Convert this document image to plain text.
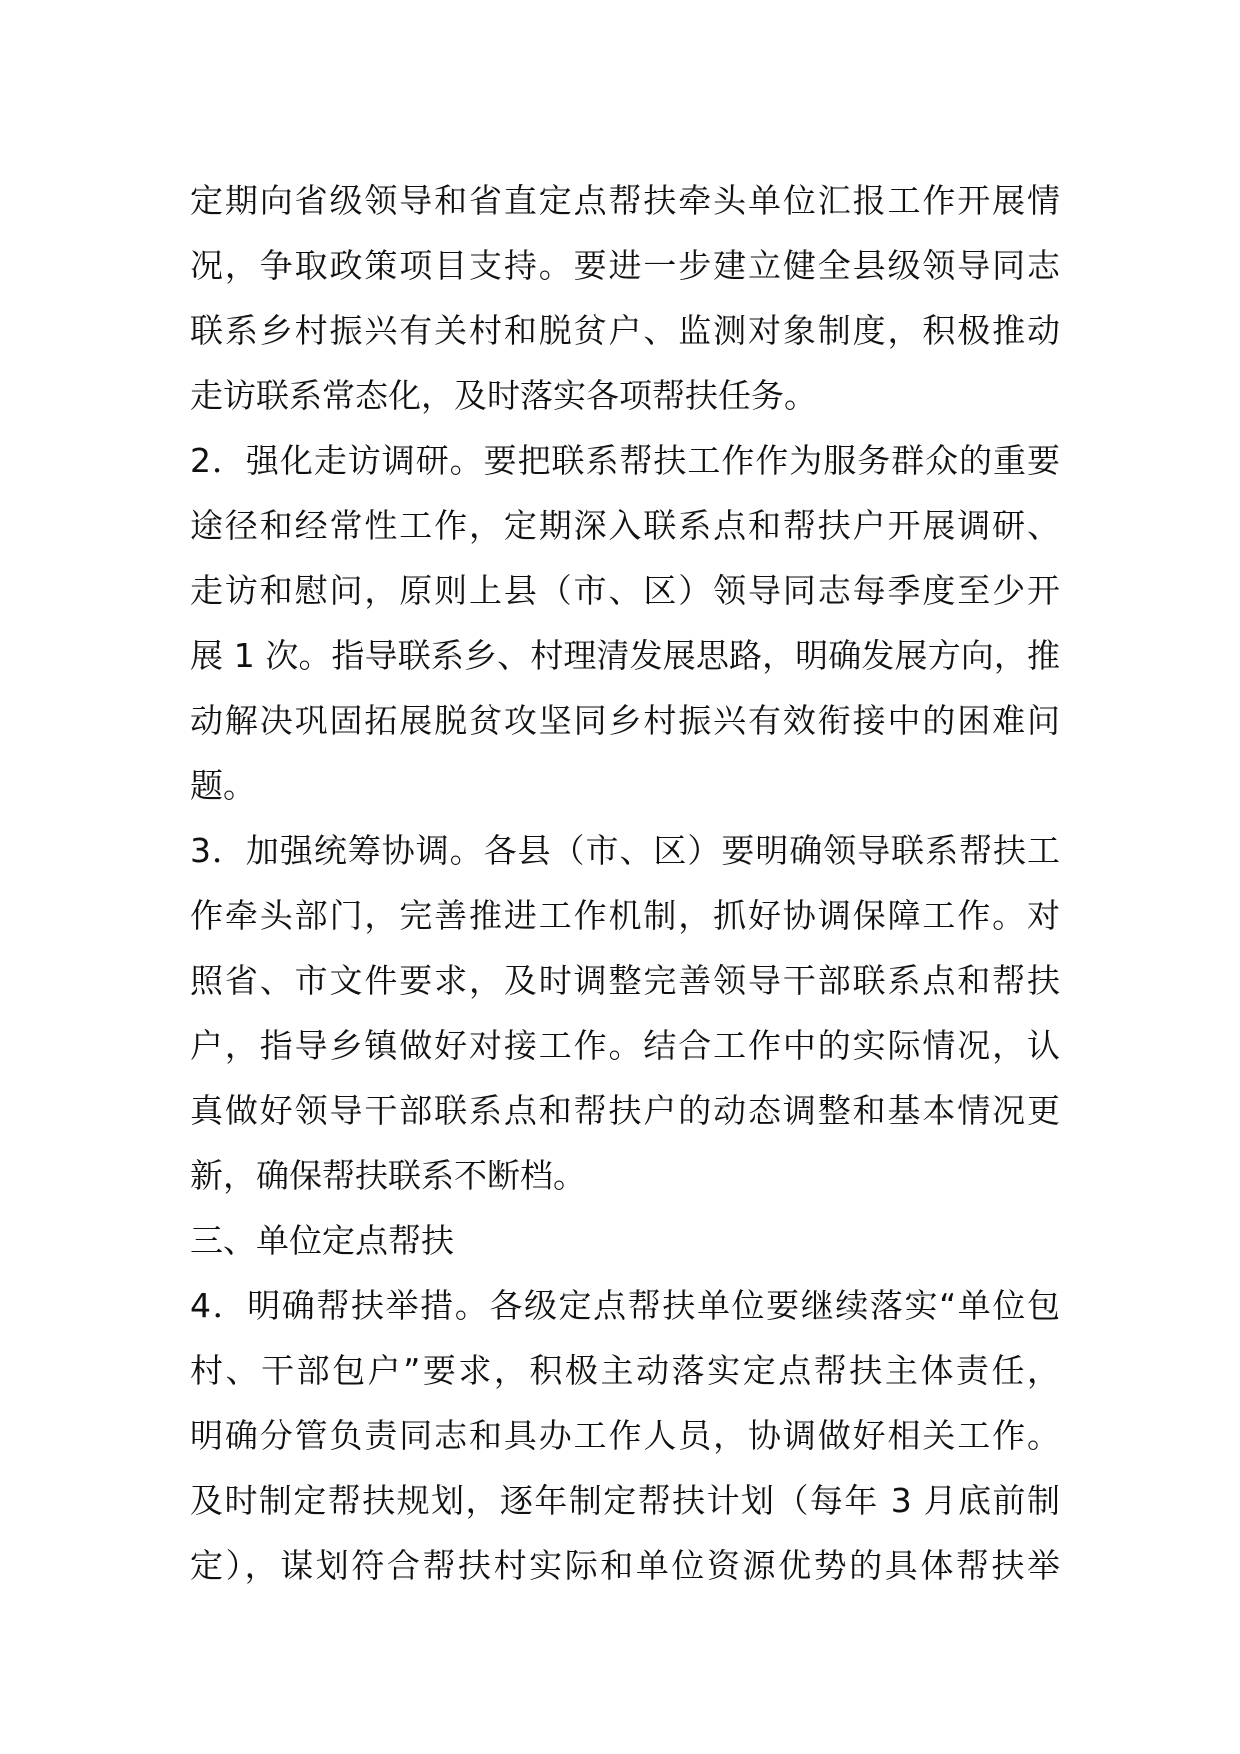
定期向省级领导和省直定点帮扶牵头单位汇报工作开展情
况，争取政策项目支持。要进一步建立健全县级领导同志
联系乡村振兴有关村和脱贫户、监测对象制度，积极推动
走访联系常态化，及时落实各项帮扶任务。
2．强化走访调研。要把联系帮扶工作作为服务群众的重要
途径和经常性工作，定期深入联系点和帮扶户开展调研、
走访和慰问，原则上县（市、区）领导同志每季度至少开
展 1 次。指导联系乡、村理清发展思路，明确发展方向，推
动解决巩固拓展脱贫攻坚同乡村振兴有效衔接中的困难问
题。
3．加强统筹协调。各县（市、区）要明确领导联系帮扶工
作牵头部门，完善推进工作机制，抓好协调保障工作。对
照省、市文件要求，及时调整完善领导干部联系点和帮扶
户，指导乡镇做好对接工作。结合工作中的实际情况，认
真做好领导干部联系点和帮扶户的动态调整和基本情况更
新，确保帮扶联系不断档。
三、单位定点帮扶
4．明确帮扶举措。各级定点帮扶单位要继续落实“单位包
村、干部包户”要求，积极主动落实定点帮扶主体责任，
明确分管负责同志和具办工作人员，协调做好相关工作。
及时制定帮扶规划，逐年制定帮扶计划（每年 3 月底前制
定），谋划符合帮扶村实际和单位资源优势的具体帮扶举
